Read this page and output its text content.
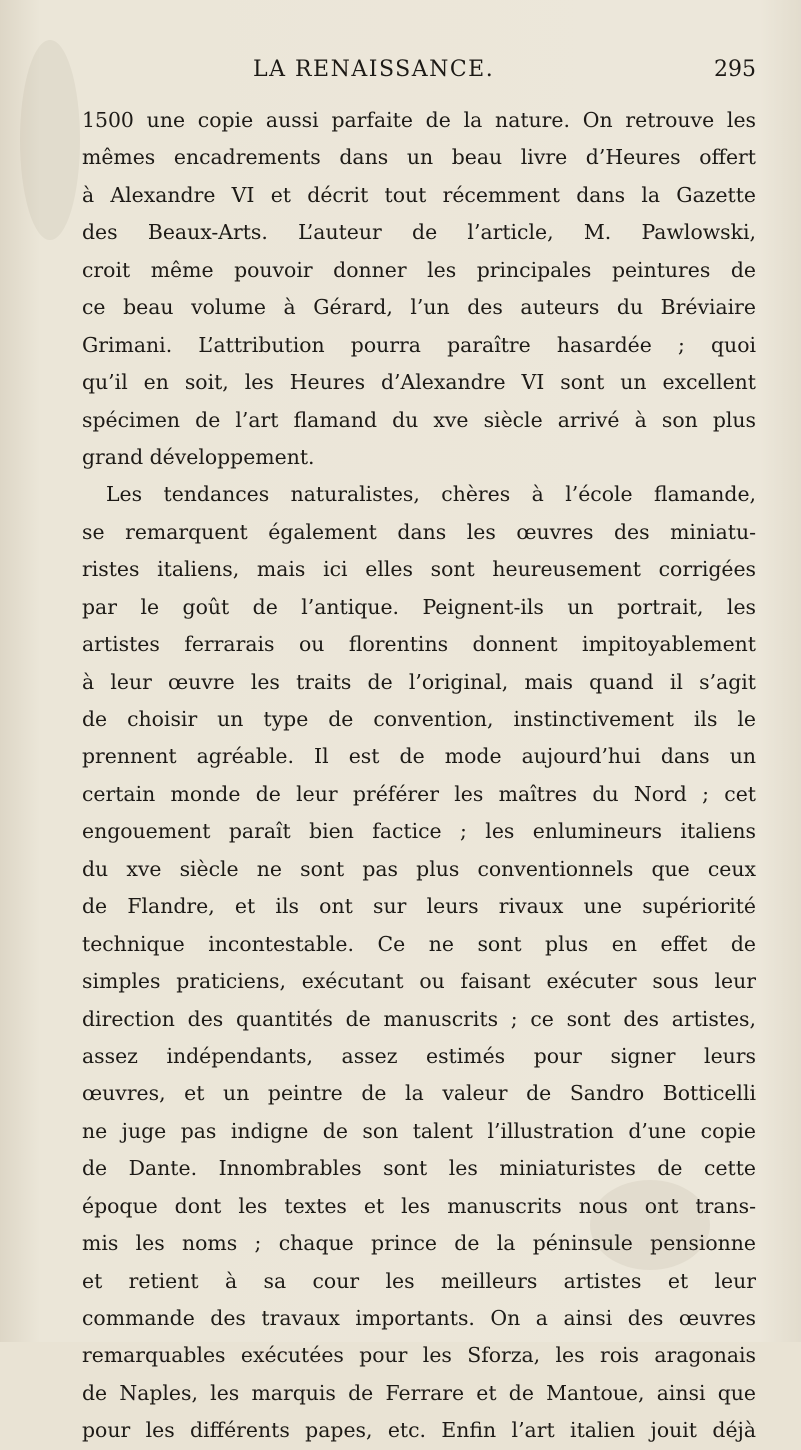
LA RENAISSANCE.	295
1500 une copie aussi parfaite de la nature. On retrouve les
mêmes encadrements dans un beau livre d’Heures offert
à Alexandre VI et décrit tout récemment dans la Gazette
des Beaux-Arts. L’auteur de l’article, M. Pawlowski,
croit même pouvoir donner les principales peintures de
ce beau volume à Gérard, l’un des auteurs du Bréviaire
Grimani. L’attribution pourra paraître hasardée ; quoi
qu’il en soit, les Heures d’Alexandre VI sont un excellent
spécimen de l’art flamand du xve siècle arrivé à son plus
grand développement.
Les tendances naturalistes, chères à l’école flamande,
se remarquent également dans les œuvres des miniatu-
ristes italiens, mais ici elles sont heureusement corrigées
par le goût de l’antique. Peignent-ils un portrait, les
artistes ferrarais ou florentins donnent impitoyablement
à leur œuvre les traits de l’original, mais quand il s’agit
de choisir un type de convention, instinctivement ils le
prennent agréable. Il est de mode aujourd’hui dans un
certain monde de leur préférer les maîtres du Nord ; cet
engouement paraît bien factice ; les enlumineurs italiens
du xve siècle ne sont pas plus conventionnels que ceux
de Flandre, et ils ont sur leurs rivaux une supériorité
technique incontestable. Ce ne sont plus en effet de
simples praticiens, exécutant ou faisant exécuter sous leur
direction des quantités de manuscrits ; ce sont des artistes,
assez indépendants, assez estimés pour signer leurs
œuvres, et un peintre de la valeur de Sandro Botticelli
ne juge pas indigne de son talent l’illustration d’une copie
de Dante. Innombrables sont les miniaturistes de cette
époque dont les textes et les manuscrits nous ont trans-
mis les noms ; chaque prince de la péninsule pensionne
et retient à sa cour les meilleurs artistes et leur
commande des travaux importants. On a ainsi des œuvres
remarquables exécutées pour les Sforza, les rois aragonais
de Naples, les marquis de Ferrare et de Mantoue, ainsi que
pour les différents papes, etc. Enfin l’art italien jouit déjà
